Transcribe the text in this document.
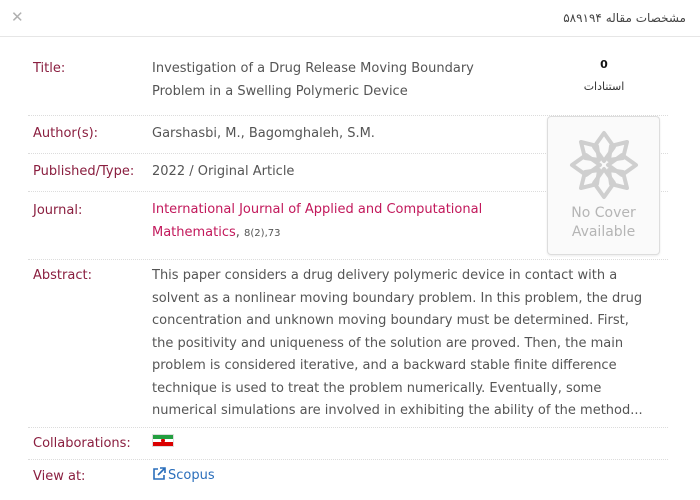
✕	مشخصات مقاله ۵۸۹۱۹۴
Title:	Investigation of a Drug Release Moving Boundary
Problem in a Swelling Polymeric Device
Author(s):	Garshasbi, M., Bagomghaleh, S.M.
Published/Type: 2022 / Original Article
Journal:	International Journal of Applied and Computational
Mathematics, 8(2),73
Abstract:	This paper considers a drug delivery polymeric device in contact with a
solvent as a nonlinear moving boundary problem. In this problem, the drug
concentration and unknown moving boundary must be determined. First,
the positivity and uniqueness of the solution are proved. Then, the main
problem is considered iterative, and a backward stable finite difference
technique is used to treat the problem numerically. Eventually, some
numerical simulations are involved in exhibiting the ability of the method...
Collaborations:
View at:	Scopus
0
استنادات
No Cover
Available
